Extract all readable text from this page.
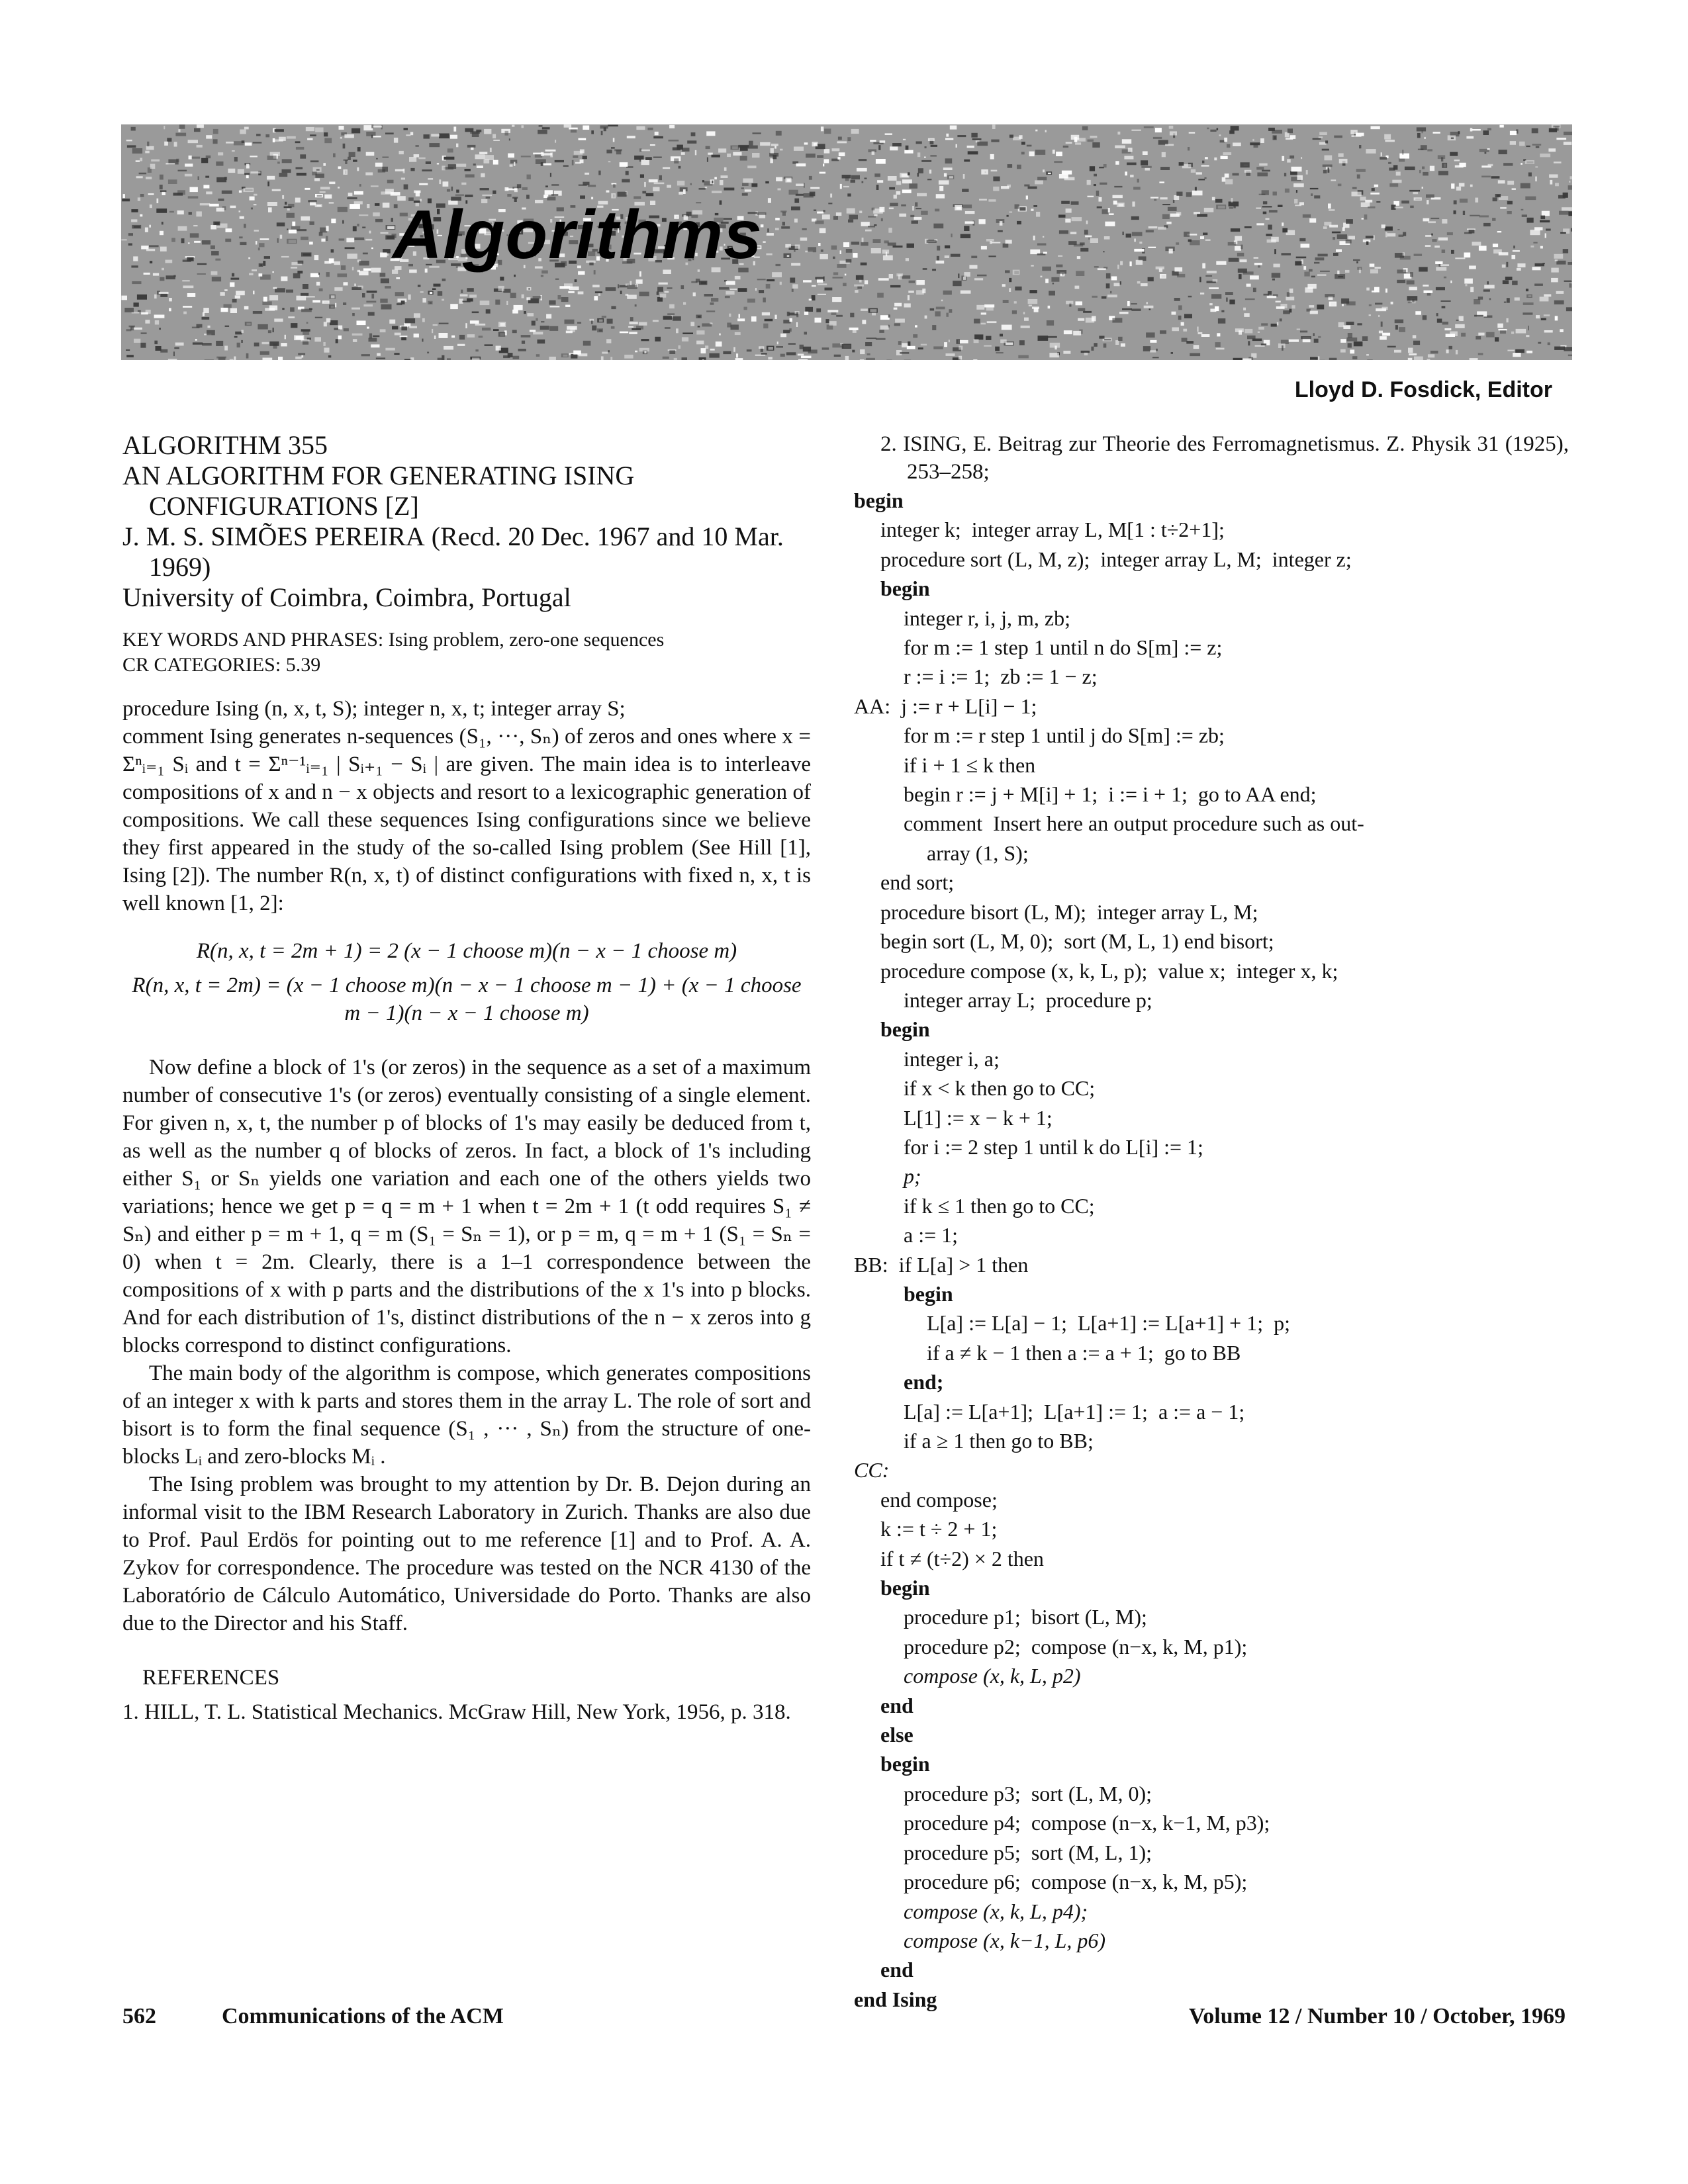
Algorithms
Lloyd D. Fosdick, Editor

ALGORITHM 355

AN ALGORITHM FOR GENERATING ISING CONFIGURATIONS [Z]

J. M. S. SIMÕES PEREIRA (Recd. 20 Dec. 1967 and 10 Mar. 1969)

University of Coimbra, Coimbra, Portugal

KEY WORDS AND PHRASES: Ising problem, zero-one sequences

CR CATEGORIES: 5.39

procedure Ising (n, x, t, S); integer n, x, t; integer array S;

comment Ising generates n-sequences (S₁, ···, Sₙ) of zeros and ones where x = Σⁿᵢ₌₁ Sᵢ and t = Σⁿ⁻¹ᵢ₌₁ | Sᵢ₊₁ − Sᵢ | are given. The main idea is to interleave compositions of x and n − x objects and resort to a lexicographic generation of compositions. We call these sequences Ising configurations since we believe they first appeared in the study of the so-called Ising problem (See Hill [1], Ising [2]). The number R(n, x, t) of distinct configurations with fixed n, x, t is well known [1, 2]:

R(n, x, t = 2m + 1) = 2 (x − 1 choose m)(n − x − 1 choose m)

R(n, x, t = 2m) = (x − 1 choose m)(n − x − 1 choose m − 1) + (x − 1 choose m − 1)(n − x − 1 choose m)

Now define a block of 1's (or zeros) in the sequence as a set of a maximum number of consecutive 1's (or zeros) eventually consisting of a single element. For given n, x, t, the number p of blocks of 1's may easily be deduced from t, as well as the number q of blocks of zeros. In fact, a block of 1's including either S₁ or Sₙ yields one variation and each one of the others yields two variations; hence we get p = q = m + 1 when t = 2m + 1 (t odd requires S₁ ≠ Sₙ) and either p = m + 1, q = m (S₁ = Sₙ = 1), or p = m, q = m + 1 (S₁ = Sₙ = 0) when t = 2m. Clearly, there is a 1–1 correspondence between the compositions of x with p parts and the distributions of the x 1's into p blocks. And for each distribution of 1's, distinct distributions of the n − x zeros into g blocks correspond to distinct configurations.

The main body of the algorithm is compose, which generates compositions of an integer x with k parts and stores them in the array L. The role of sort and bisort is to form the final sequence (S₁ , ··· , Sₙ) from the structure of one-blocks Lᵢ and zero-blocks Mᵢ .

The Ising problem was brought to my attention by Dr. B. Dejon during an informal visit to the IBM Research Laboratory in Zurich. Thanks are also due to Prof. Paul Erdös for pointing out to me reference [1] and to Prof. A. A. Zykov for correspondence. The procedure was tested on the NCR 4130 of the Laboratório de Cálculo Automático, Universidade do Porto. Thanks are also due to the Director and his Staff.

REFERENCES

1. HILL, T. L. Statistical Mechanics. McGraw Hill, New York, 1956, p. 318.

2. ISING, E. Beitrag zur Theorie des Ferromagnetismus. Z. Physik 31 (1925), 253–258;

begin
integer k;  integer array L, M[1 : t÷2+1];
procedure sort (L, M, z);  integer array L, M;  integer z;
begin
integer r, i, j, m, zb;
for m := 1 step 1 until n do S[m] := z;
r := i := 1;  zb := 1 − z;
AA:  j := r + L[i] − 1;
for m := r step 1 until j do S[m] := zb;
if i + 1 ≤ k then
begin r := j + M[i] + 1;  i := i + 1;  go to AA end;
comment  Insert here an output procedure such as out-
array (1, S);
end sort;
procedure bisort (L, M);  integer array L, M;
begin sort (L, M, 0);  sort (M, L, 1) end bisort;
procedure compose (x, k, L, p);  value x;  integer x, k;
integer array L;  procedure p;
begin
integer i, a;
if x < k then go to CC;
L[1] := x − k + 1;
for i := 2 step 1 until k do L[i] := 1;
p;
if k ≤ 1 then go to CC;
a := 1;
BB:  if L[a] > 1 then
begin
L[a] := L[a] − 1;  L[a+1] := L[a+1] + 1;  p;
if a ≠ k − 1 then a := a + 1;  go to BB
end;
L[a] := L[a+1];  L[a+1] := 1;  a := a − 1;
if a ≥ 1 then go to BB;
CC:
end compose;
k := t ÷ 2 + 1;
if t ≠ (t÷2) × 2 then
begin
procedure p1;  bisort (L, M);
procedure p2;  compose (n−x, k, M, p1);
compose (x, k, L, p2)
end
else
begin
procedure p3;  sort (L, M, 0);
procedure p4;  compose (n−x, k−1, M, p3);
procedure p5;  sort (M, L, 1);
procedure p6;  compose (n−x, k, M, p5);
compose (x, k, L, p4);
compose (x, k−1, L, p6)
end
end Ising
562	Communications of the ACM	Volume 12 / Number 10 / October, 1969
